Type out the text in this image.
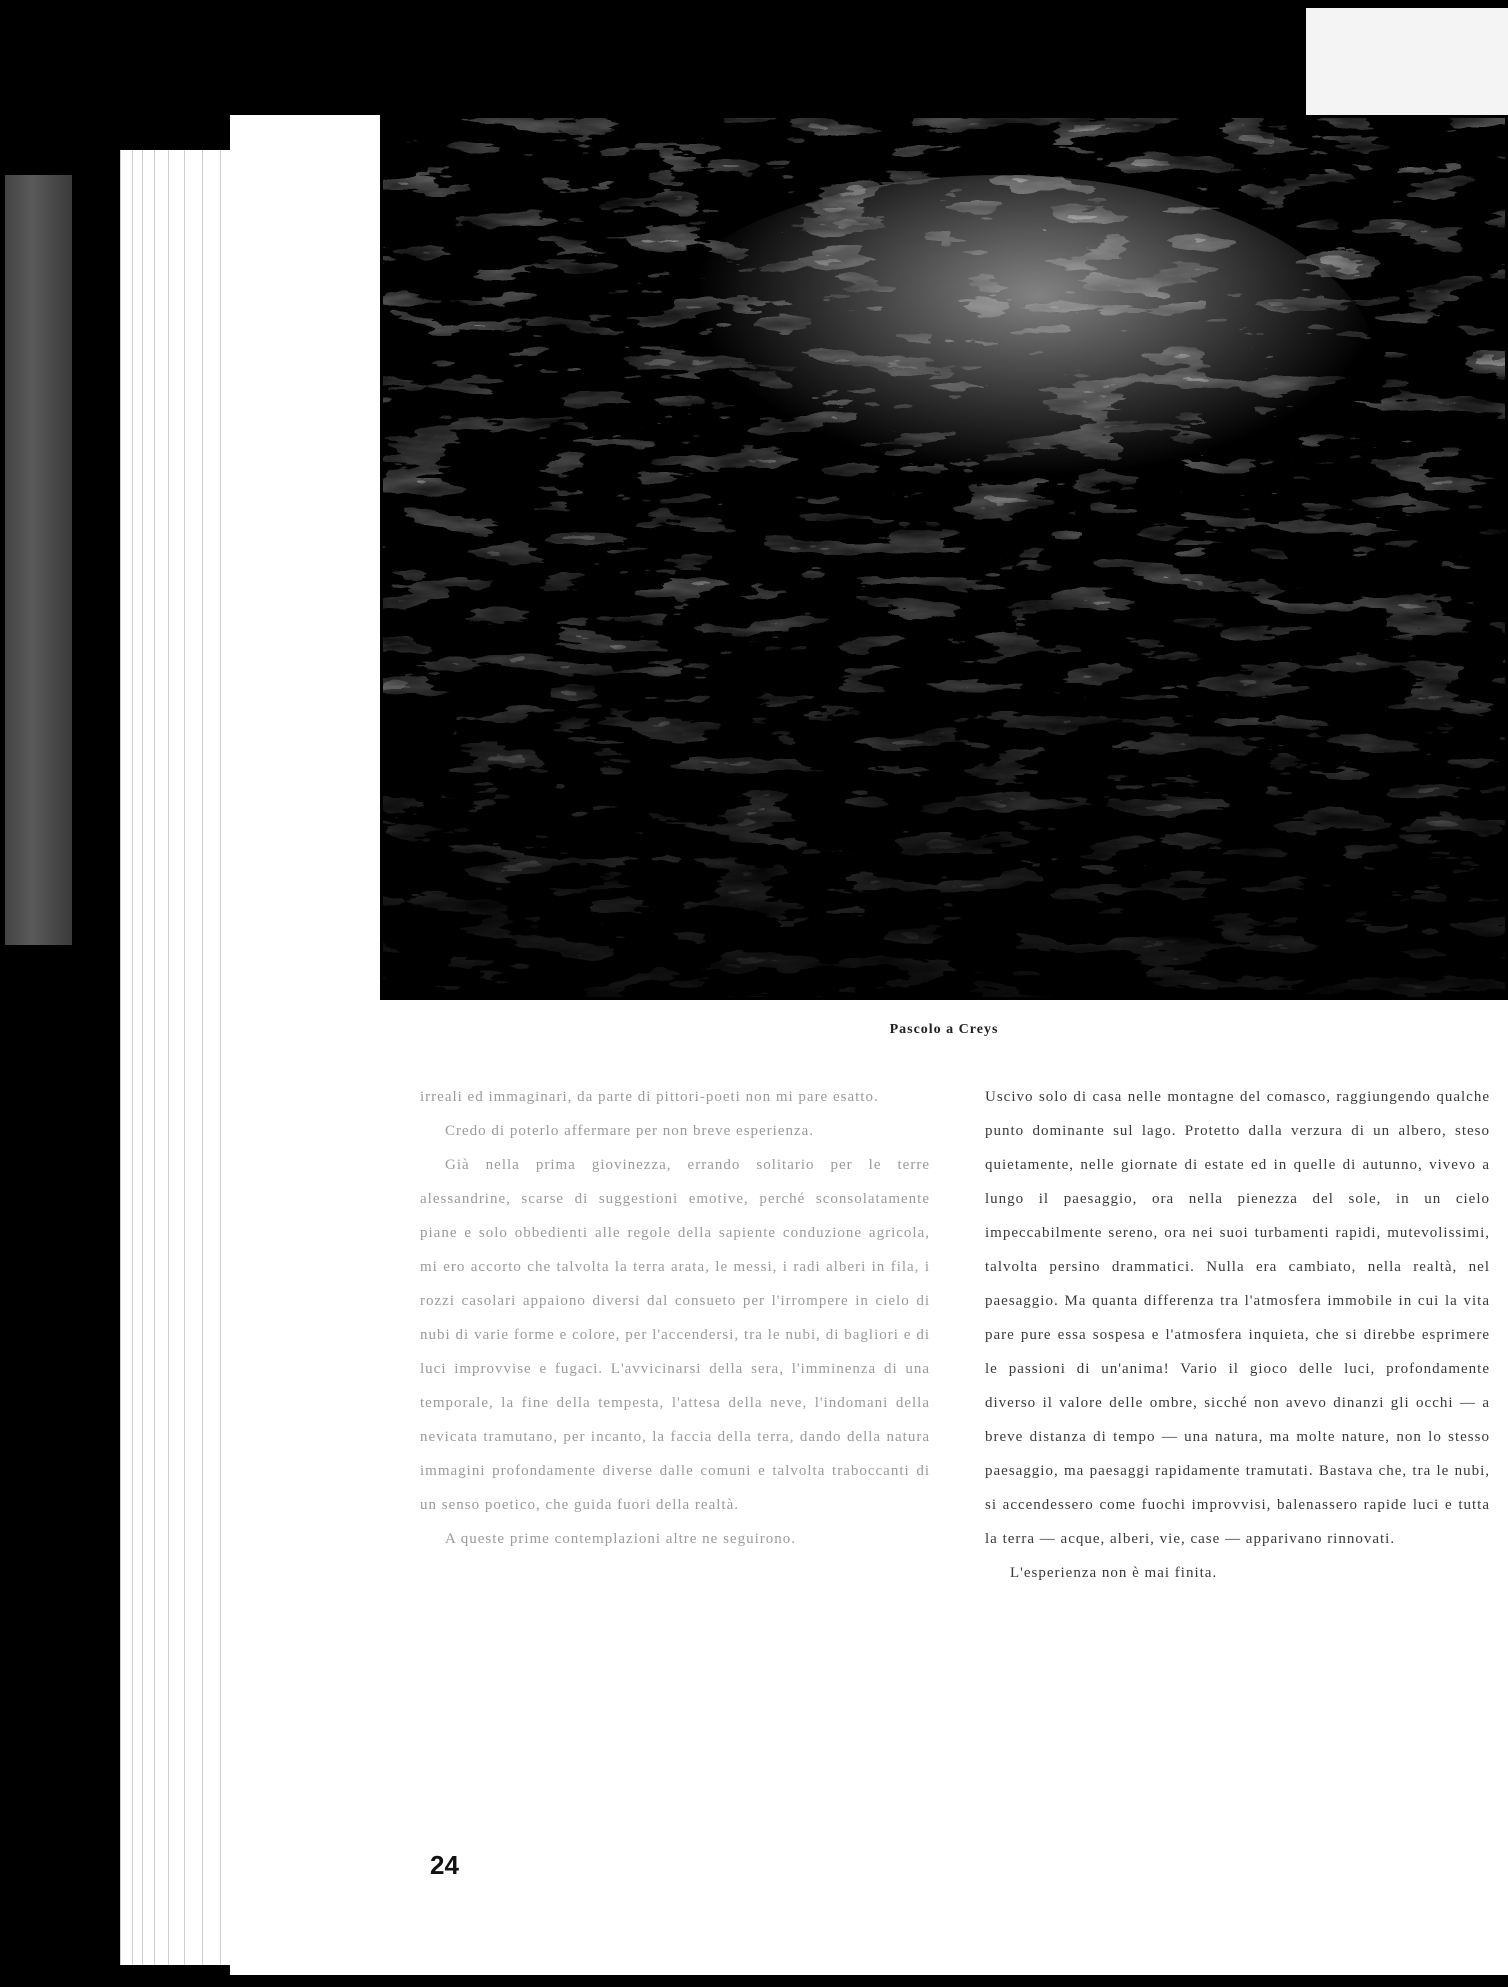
Pascolo a Creys

irreali ed immaginari, da parte di pittori-poeti non mi pare esatto.

Credo di poterlo affermare per non breve esperienza.

Già nella prima giovinezza, errando solitario per le terre alessandrine, scarse di suggestioni emotive, perché sconsolatamente piane e solo obbedienti alle regole della sapiente conduzione agricola, mi ero accorto che talvolta la terra arata, le messi, i radi alberi in fila, i rozzi casolari appaiono diversi dal consueto per l'irrompere in cielo di nubi di varie forme e colore, per l'accendersi, tra le nubi, di bagliori e di luci improvvise e fugaci. L'avvicinarsi della sera, l'imminenza di una temporale, la fine della tempesta, l'attesa della neve, l'indomani della nevicata tramutano, per incanto, la faccia della terra, dando della natura immagini profondamente diverse dalle comuni e talvolta traboccanti di un senso poetico, che guida fuori della realtà.

A queste prime contemplazioni altre ne seguirono.

Uscivo solo di casa nelle montagne del comasco, raggiungendo qualche punto dominante sul lago. Protetto dalla verzura di un albero, steso quietamente, nelle giornate di estate ed in quelle di autunno, vivevo a lungo il paesaggio, ora nella pienezza del sole, in un cielo impeccabilmente sereno, ora nei suoi turbamenti rapidi, mutevolissimi, talvolta persino drammatici. Nulla era cambiato, nella realtà, nel paesaggio. Ma quanta differenza tra l'atmosfera immobile in cui la vita pare pure essa sospesa e l'atmosfera inquieta, che si direbbe esprimere le passioni di un'anima! Vario il gioco delle luci, profondamente diverso il valore delle ombre, sicché non avevo dinanzi gli occhi — a breve distanza di tempo — una natura, ma molte nature, non lo stesso paesaggio, ma paesaggi rapidamente tramutati. Bastava che, tra le nubi, si accendessero come fuochi improvvisi, balenassero rapide luci e tutta la terra — acque, alberi, vie, case — apparivano rinnovati.

L'esperienza non è mai finita.

24
